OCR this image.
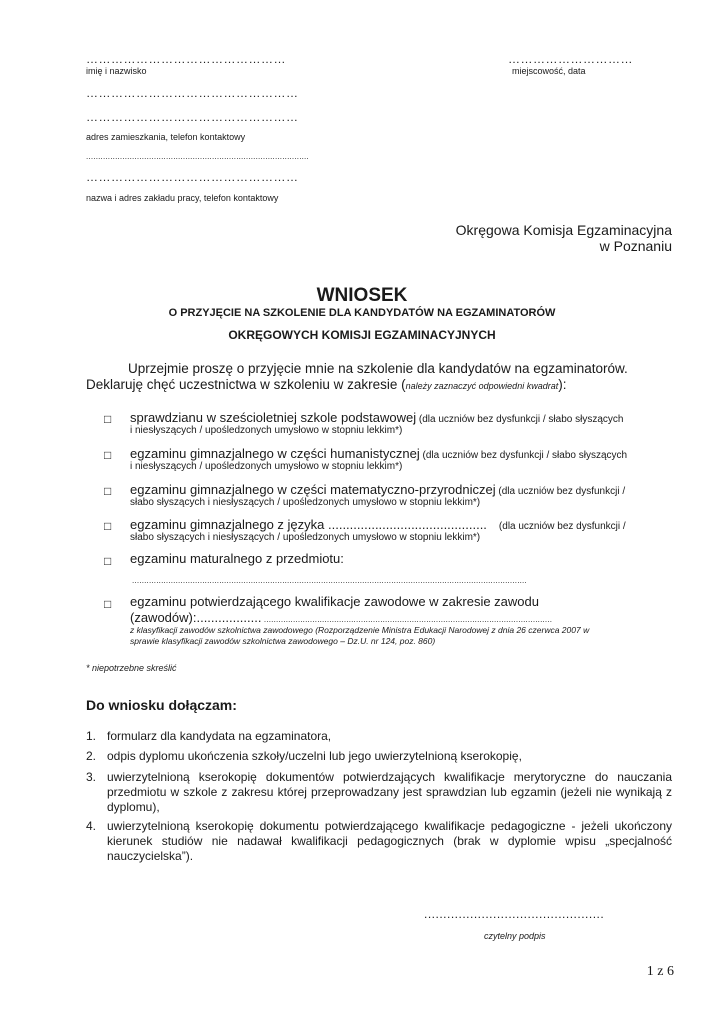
…………………………………………
imię i nazwisko
…………………………
miejscowość, data
……………………………………………
……………………………………………
adres zamieszkania, telefon kontaktowy
............................................................................................
……………………………………………
nazwa i adres zakładu pracy, telefon kontaktowy
Okręgowa Komisja Egzaminacyjna
w Poznaniu
WNIOSEK
O PRZYJĘCIE NA SZKOLENIE DLA KANDYDATÓW NA EGZAMINATORÓW
OKRĘGOWYCH KOMISJI EGZAMINACYJNYCH
Uprzejmie proszę o przyjęcie mnie na szkolenie dla kandydatów na egzaminatorów.
Deklaruję chęć uczestnictwa w szkoleniu w zakresie (należy zaznaczyć odpowiedni kwadrat):
□ sprawdzianu w sześcioletniej szkole podstawowej (dla uczniów bez dysfunkcji / słabo słyszących
i niesłyszących / upośledzonych umysłowo w stopniu lekkim*)
□ egzaminu gimnazjalnego w części humanistycznej (dla uczniów bez dysfunkcji / słabo słyszących
i niesłyszących / upośledzonych umysłowo w stopniu lekkim*)
□ egzaminu gimnazjalnego w części matematyczno-przyrodniczej (dla uczniów bez dysfunkcji /
słabo słyszących i niesłyszących / upośledzonych umysłowo w stopniu lekkim*)
□ egzaminu gimnazjalnego z języka ............................................ (dla uczniów bez dysfunkcji /
słabo słyszących i niesłyszących / upośledzonych umysłowo w stopniu lekkim*)
□ egzaminu maturalnego z przedmiotu:
...................................................................................................................................................................
□ egzaminu potwierdzającego kwalifikacje zawodowe w zakresie zawodu
(zawodów):.................. .......................................................................................................................
z klasyfikacji zawodów szkolnictwa zawodowego (Rozporządzenie Ministra Edukacji Narodowej z dnia 26 czerwca 2007 w
sprawie klasyfikacji zawodów szkolnictwa zawodowego – Dz.U. nr 124, poz. 860)
* niepotrzebne skreślić
Do wniosku dołączam:
1. formularz dla kandydata na egzaminatora,
2. odpis dyplomu ukończenia szkoły/uczelni lub jego uwierzytelnioną kserokopię,
3. uwierzytelnioną kserokopię dokumentów potwierdzających kwalifikacje merytoryczne do nauczania przedmiotu w szkole z zakresu której przeprowadzany jest sprawdzian lub egzamin (jeżeli nie wynikają z dyplomu),
4. uwierzytelnioną kserokopię dokumentu potwierdzającego kwalifikacje pedagogiczne - jeżeli ukończony kierunek studiów nie nadawał kwalifikacji pedagogicznych (brak w dyplomie wpisu „specjalność nauczycielska”).
...............................................
czytelny podpis
1 z 6
